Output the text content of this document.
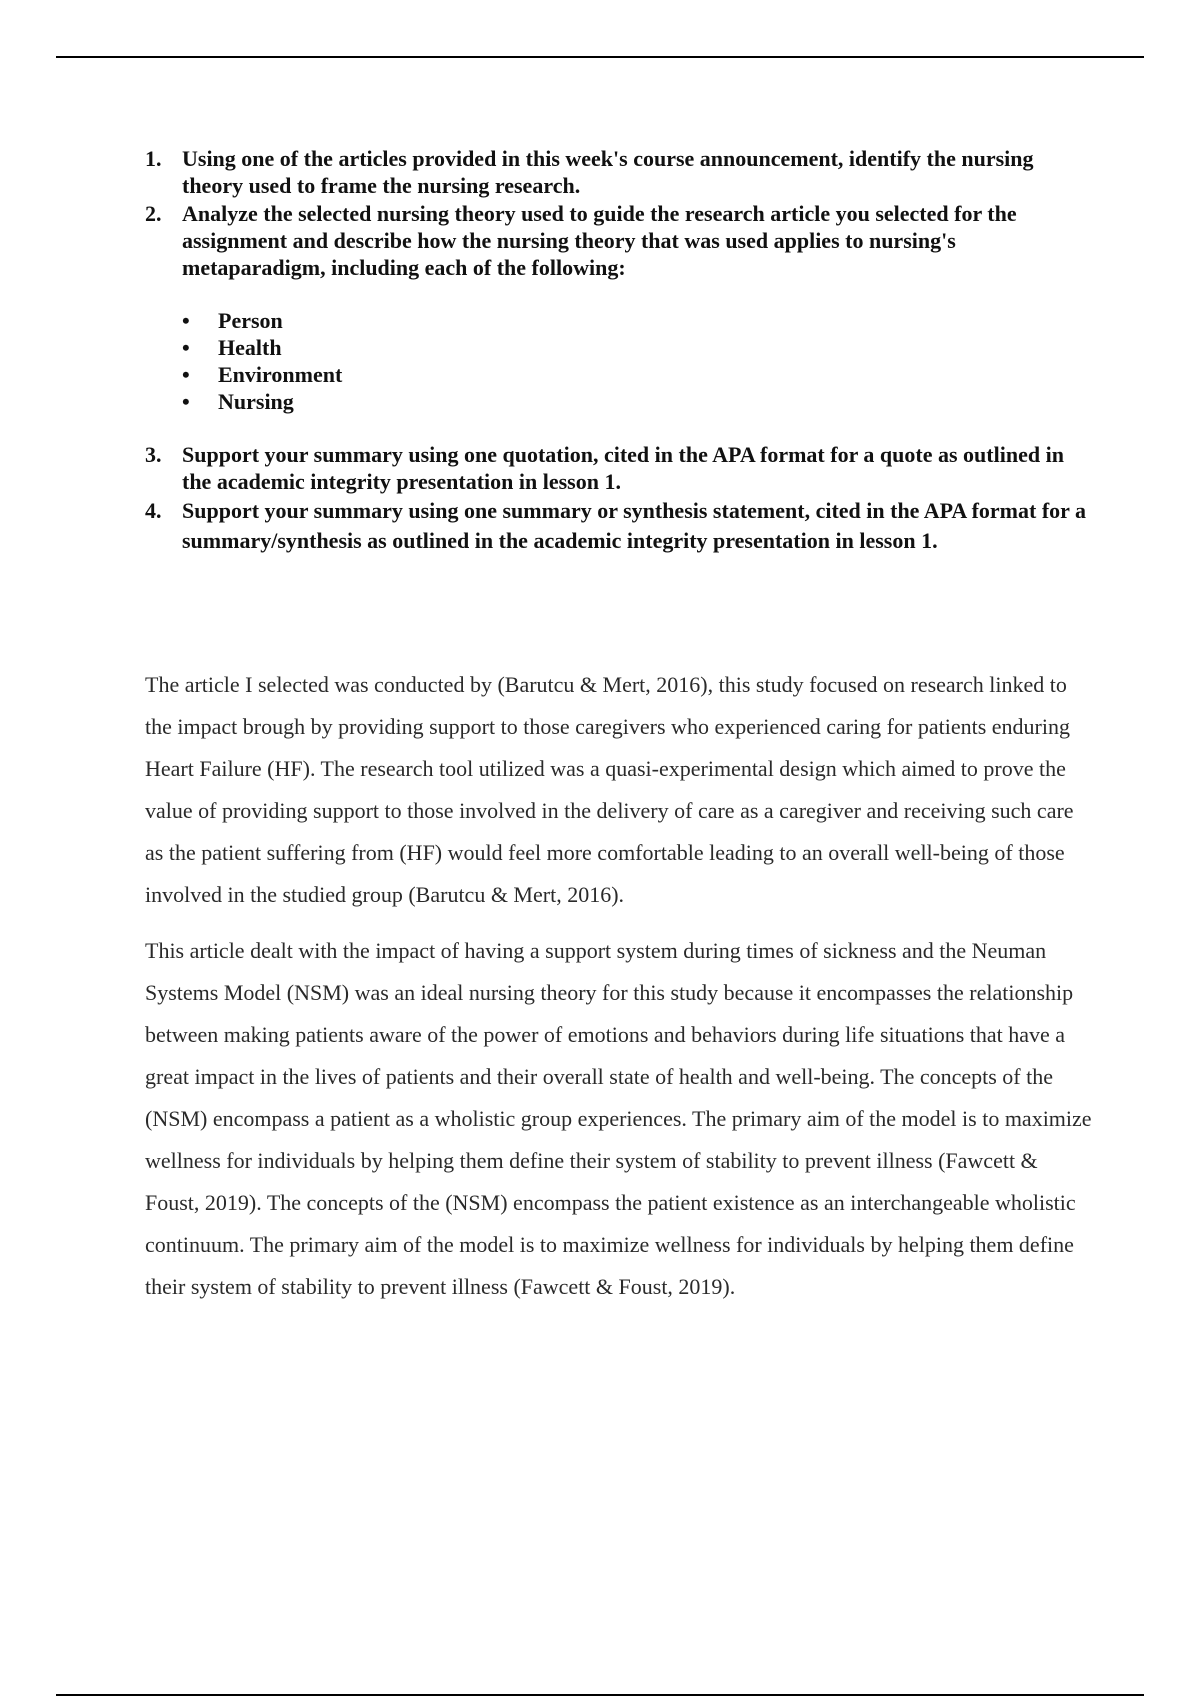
1. Using one of the articles provided in this week's course announcement, identify the nursing theory used to frame the nursing research.
2. Analyze the selected nursing theory used to guide the research article you selected for the assignment and describe how the nursing theory that was used applies to nursing's metaparadigm, including each of the following:
• Person
• Health
• Environment
• Nursing
3. Support your summary using one quotation, cited in the APA format for a quote as outlined in the academic integrity presentation in lesson 1.
4. Support your summary using one summary or synthesis statement, cited in the APA format for a summary/synthesis as outlined in the academic integrity presentation in lesson 1.

The article I selected was conducted by (Barutcu & Mert, 2016), this study focused on research linked to the impact brough by providing support to those caregivers who experienced caring for patients enduring Heart Failure (HF). The research tool utilized was a quasi-experimental design which aimed to prove the value of providing support to those involved in the delivery of care as a caregiver and receiving such care as the patient suffering from (HF) would feel more comfortable leading to an overall well-being of those involved in the studied group (Barutcu & Mert, 2016).

This article dealt with the impact of having a support system during times of sickness and the Neuman Systems Model (NSM) was an ideal nursing theory for this study because it encompasses the relationship between making patients aware of the power of emotions and behaviors during life situations that have a great impact in the lives of patients and their overall state of health and well-being. The concepts of the (NSM) encompass a patient as a wholistic group experiences. The primary aim of the model is to maximize wellness for individuals by helping them define their system of stability to prevent illness (Fawcett & Foust, 2019). The concepts of the (NSM) encompass the patient existence as an interchangeable wholistic continuum. The primary aim of the model is to maximize wellness for individuals by helping them define their system of stability to prevent illness (Fawcett & Foust, 2019).
